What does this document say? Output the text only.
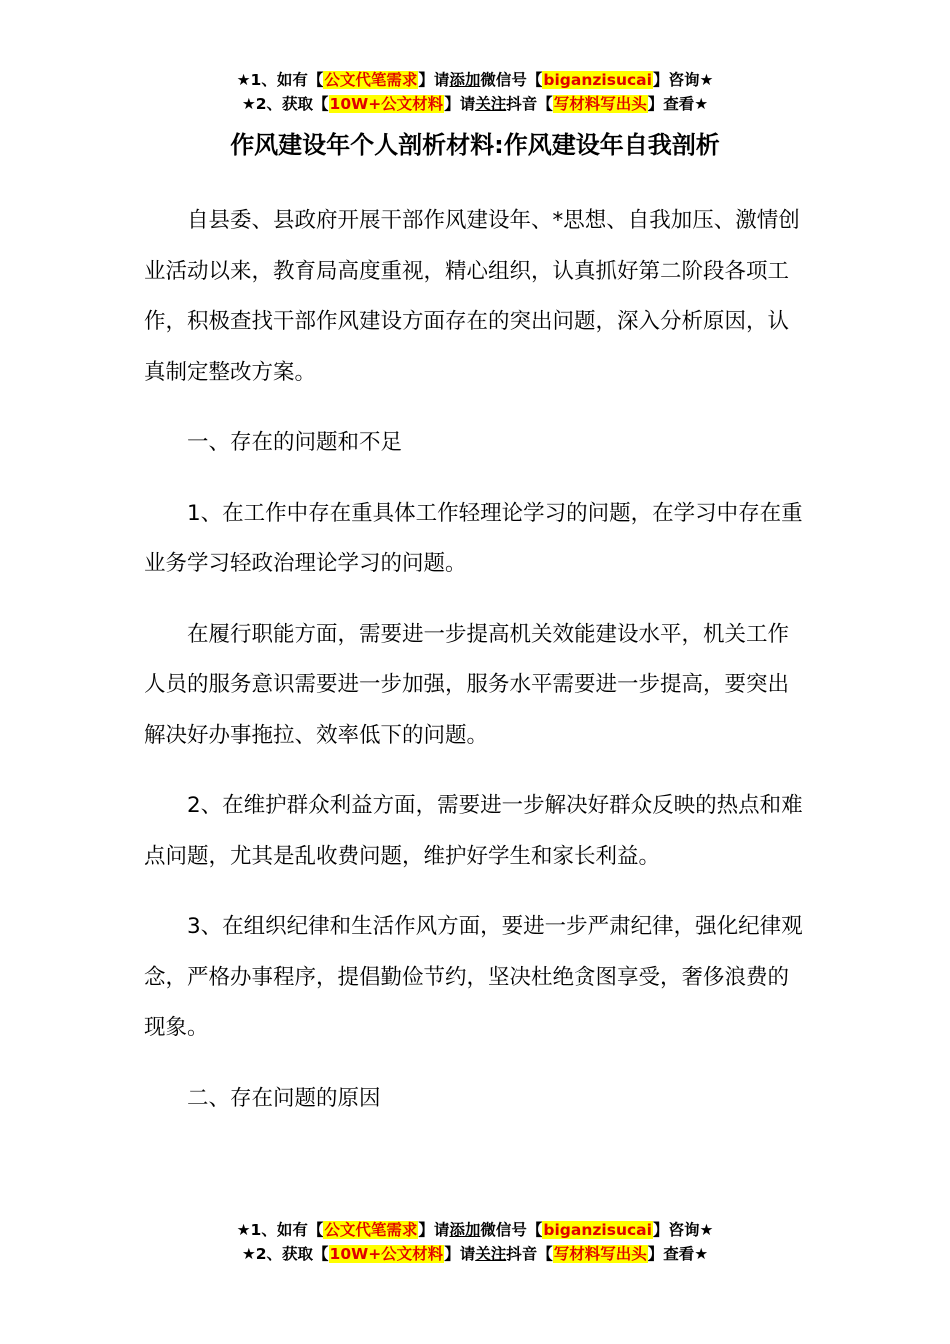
★1、如有【公文代笔需求】请添加微信号【biganzisucai】咨询★
★2、获取【10W+公文材料】请关注抖音【写材料写出头】查看★
作风建设年个人剖析材料:作风建设年自我剖析

自县委、县政府开展干部作风建设年、*思想、自我加压、激情创业活动以来，教育局高度重视，精心组织，认真抓好第二阶段各项工作，积极查找干部作风建设方面存在的突出问题，深入分析原因，认真制定整改方案。

一、存在的问题和不足

1、在工作中存在重具体工作轻理论学习的问题，在学习中存在重业务学习轻政治理论学习的问题。

在履行职能方面，需要进一步提高机关效能建设水平，机关工作人员的服务意识需要进一步加强，服务水平需要进一步提高，要突出解决好办事拖拉、效率低下的问题。

2、在维护群众利益方面，需要进一步解决好群众反映的热点和难点问题，尤其是乱收费问题，维护好学生和家长利益。

3、在组织纪律和生活作风方面，要进一步严肃纪律，强化纪律观念，严格办事程序，提倡勤俭节约，坚决杜绝贪图享受，奢侈浪费的现象。

二、存在问题的原因

★1、如有【公文代笔需求】请添加微信号【biganzisucai】咨询★
★2、获取【10W+公文材料】请关注抖音【写材料写出头】查看★
